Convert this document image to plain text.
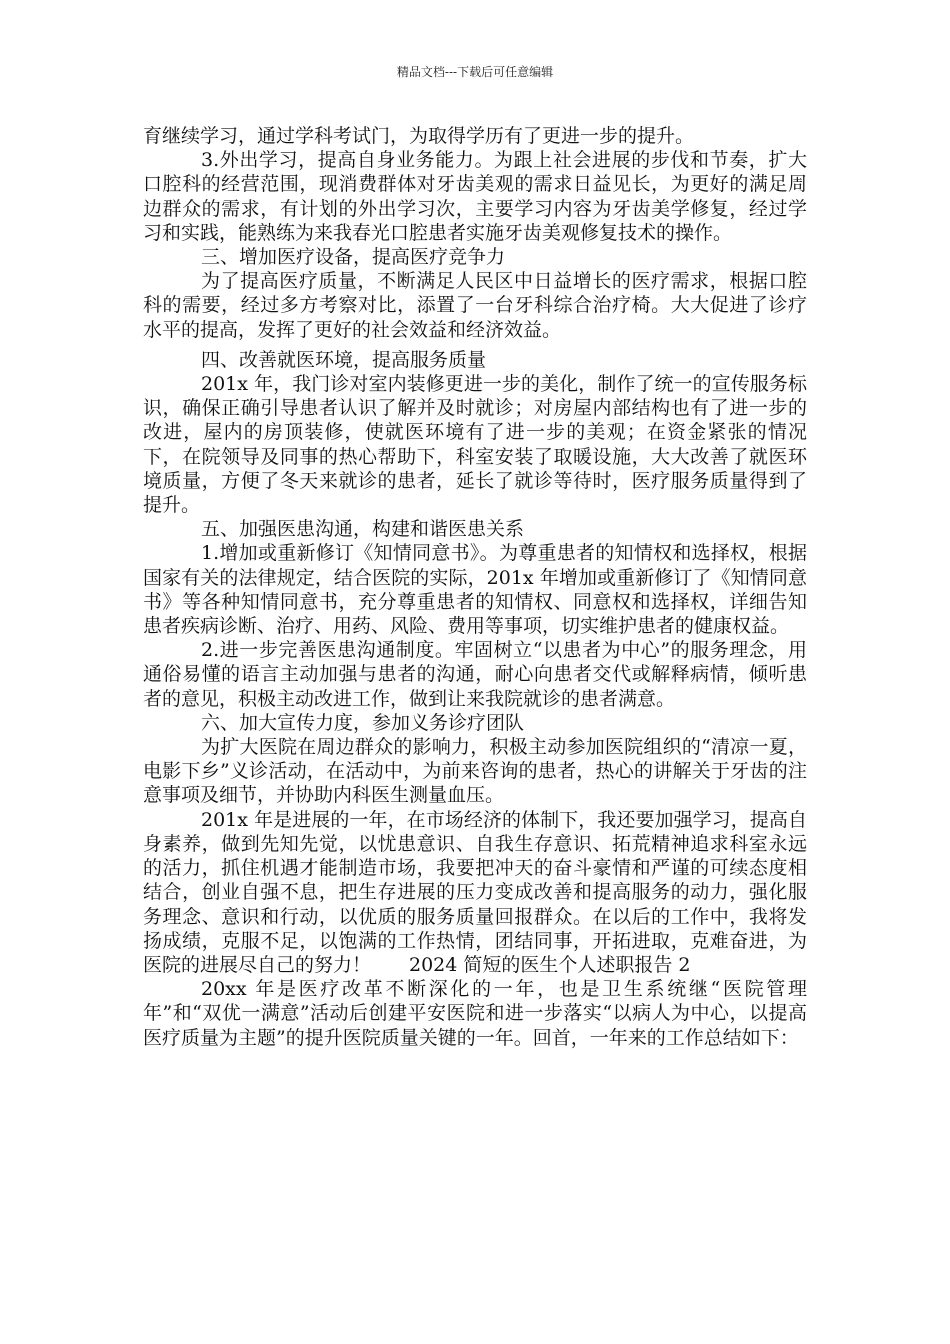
精品文档---下载后可任意编辑

育继续学习，通过学科考试门，为取得学历有了更进一步的提升。

3.外出学习，提高自身业务能力。为跟上社会进展的步伐和节奏，扩大口腔科的经营范围，现消费群体对牙齿美观的需求日益见长，为更好的满足周边群众的需求，有计划的外出学习次，主要学习内容为牙齿美学修复，经过学习和实践，能熟练为来我春光口腔患者实施牙齿美观修复技术的操作。

三、增加医疗设备，提高医疗竞争力

为了提高医疗质量，不断满足人民区中日益增长的医疗需求，根据口腔科的需要，经过多方考察对比，添置了一台牙科综合治疗椅。大大促进了诊疗水平的提高，发挥了更好的社会效益和经济效益。

四、改善就医环境，提高服务质量

201x 年，我门诊对室内装修更进一步的美化，制作了统一的宣传服务标识，确保正确引导患者认识了解并及时就诊；对房屋内部结构也有了进一步的改进，屋内的房顶装修，使就医环境有了进一步的美观；在资金紧张的情况下，在院领导及同事的热心帮助下，科室安装了取暖设施，大大改善了就医环境质量，方便了冬天来就诊的患者，延长了就诊等待时，医疗服务质量得到了提升。

五、加强医患沟通，构建和谐医患关系

1.增加或重新修订《知情同意书》。为尊重患者的知情权和选择权，根据国家有关的法律规定，结合医院的实际，201x 年增加或重新修订了《知情同意书》等各种知情同意书，充分尊重患者的知情权、同意权和选择权，详细告知患者疾病诊断、治疗、用药、风险、费用等事项，切实维护患者的健康权益。

2.进一步完善医患沟通制度。牢固树立“以患者为中心”的服务理念，用通俗易懂的语言主动加强与患者的沟通，耐心向患者交代或解释病情，倾听患者的意见，积极主动改进工作，做到让来我院就诊的患者满意。

六、加大宣传力度，参加义务诊疗团队

为扩大医院在周边群众的影响力，积极主动参加医院组织的“清凉一夏，电影下乡”义诊活动，在活动中，为前来咨询的患者，热心的讲解关于牙齿的注意事项及细节，并协助内科医生测量血压。

201x 年是进展的一年，在市场经济的体制下，我还要加强学习，提高自身素养，做到先知先觉，以忧患意识、自我生存意识、拓荒精神追求科室永远的活力，抓住机遇才能制造市场，我要把冲天的奋斗豪情和严谨的可续态度相结合，创业自强不息，把生存进展的压力变成改善和提高服务的动力，强化服务理念、意识和行动，以优质的服务质量回报群众。在以后的工作中，我将发扬成绩，克服不足，以饱满的工作热情，团结同事，开拓进取，克难奋进，为医院的进展尽自己的努力！　　2024 简短的医生个人述职报告 2

20xx 年是医疗改革不断深化的一年，也是卫生系统继“医院管理年”和“双优一满意”活动后创建平安医院和进一步落实“以病人为中心，以提高医疗质量为主题”的提升医院质量关键的一年。回首，一年来的工作总结如下：
